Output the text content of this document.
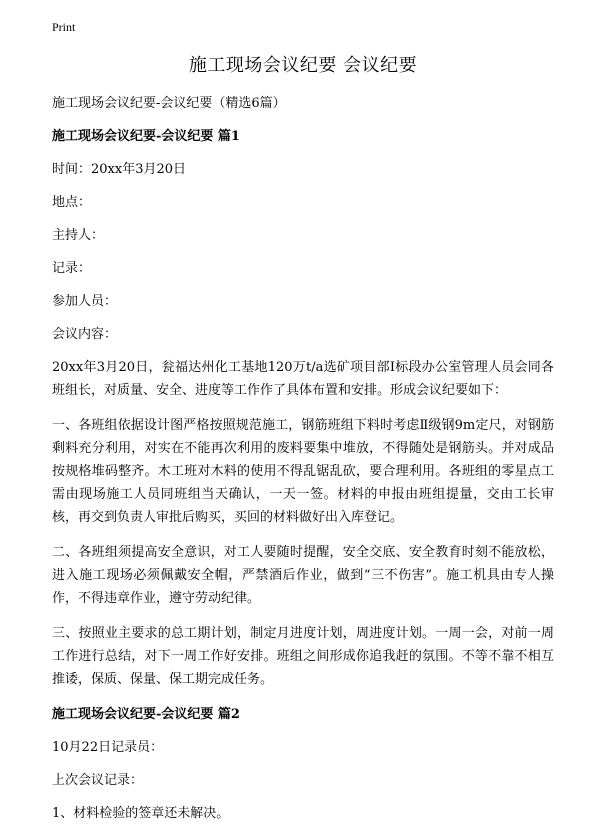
Print
施工现场会议纪要 会议纪要

施工现场会议纪要-会议纪要（精选6篇）

施工现场会议纪要-会议纪要 篇1

时间：20xx年3月20日

地点：

主持人：

记录：

参加人员：

会议内容：

20xx年3月20日，瓮福达州化工基地120万t/a选矿项目部Ⅰ标段办公室管理人员会同各班组长，对质量、安全、进度等工作作了具体布置和安排。形成会议纪要如下：

一、各班组依据设计图严格按照规范施工，钢筋班组下料时考虑Ⅱ级钢9m定尺，对钢筋剩料充分利用，对实在不能再次利用的废料要集中堆放，不得随处是钢筋头。并对成品按规格堆码整齐。木工班对木料的使用不得乱锯乱砍，要合理利用。各班组的零星点工需由现场施工人员同班组当天确认，一天一签。材料的申报由班组提量，交由工长审核，再交到负责人审批后购买，买回的材料做好出入库登记。

二、各班组须提高安全意识，对工人要随时提醒，安全交底、安全教育时刻不能放松，进入施工现场必须佩戴安全帽，严禁酒后作业，做到“三不伤害”。施工机具由专人操作，不得违章作业，遵守劳动纪律。

三、按照业主要求的总工期计划，制定月进度计划，周进度计划。一周一会，对前一周工作进行总结，对下一周工作好安排。班组之间形成你追我赶的氛围。不等不靠不相互推诿，保质、保量、保工期完成任务。

施工现场会议纪要-会议纪要 篇2

10月22日记录员：

上次会议记录：

1、材料检验的签章还未解决。
